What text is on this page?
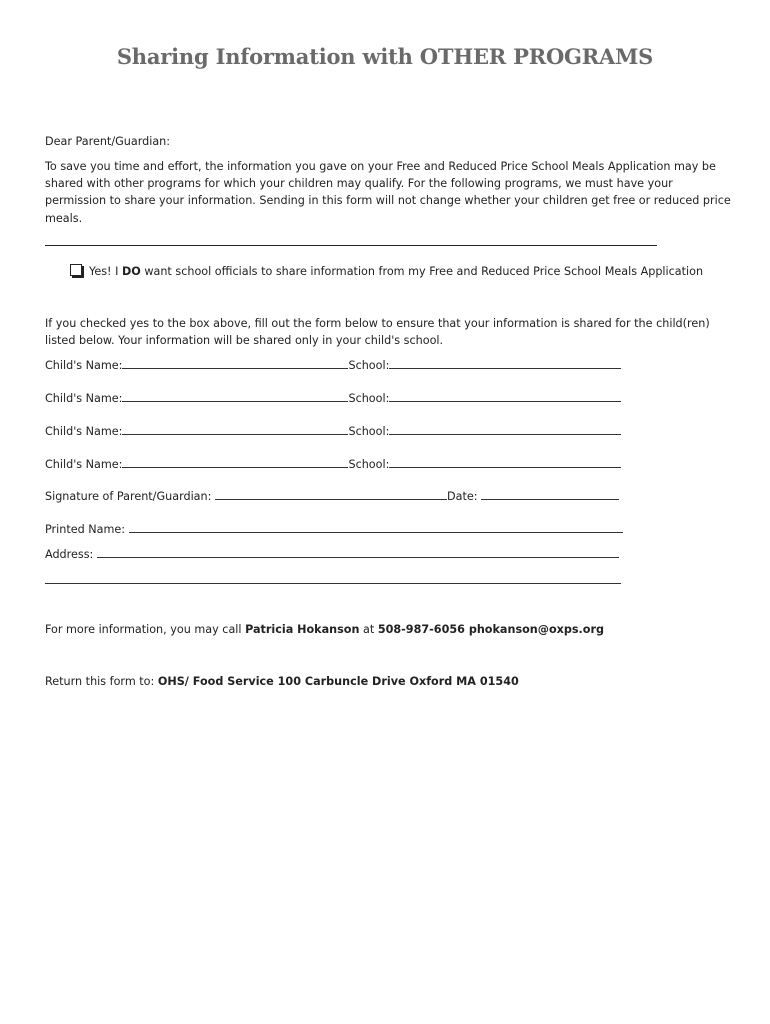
Sharing Information with OTHER PROGRAMS
Dear Parent/Guardian:
To save you time and effort, the information you gave on your Free and Reduced Price School Meals Application may be shared with other programs for which your children may qualify. For the following programs, we must have your permission to share your information. Sending in this form will not change whether your children get free or reduced price meals.
Yes! I DO want school officials to share information from my Free and Reduced Price School Meals Application
If you checked yes to the box above, fill out the form below to ensure that your information is shared for the child(ren) listed below. Your information will be shared only in your child's school.
Child's Name:	School:
Child's Name:	School:
Child's Name:	School:
Child's Name:	School:
Signature of Parent/Guardian:	Date:
Printed Name:
Address:
For more information, you may call Patricia Hokanson at 508-987-6056 phokanson@oxps.org
Return this form to: OHS/ Food Service 100 Carbuncle Drive Oxford MA 01540
